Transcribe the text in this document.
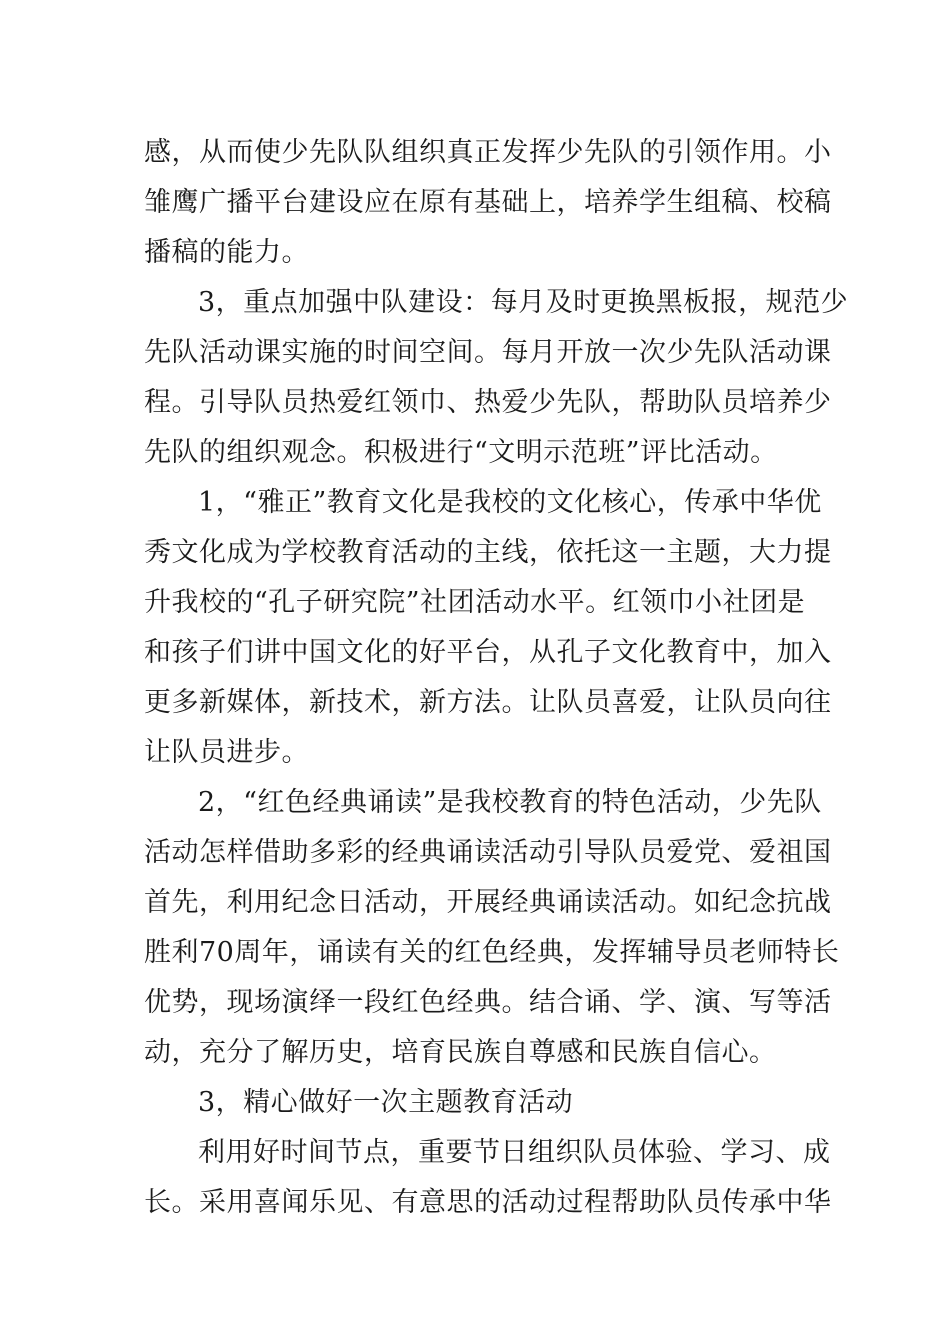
感，从而使少先队队组织真正发挥少先队的引领作用。小
雏鹰广播平台建设应在原有基础上，培养学生组稿、校稿
播稿的能力。
3，重点加强中队建设：每月及时更换黑板报，规范少
先队活动课实施的时间空间。每月开放一次少先队活动课
程。引导队员热爱红领巾、热爱少先队，帮助队员培养少
先队的组织观念。积极进行“文明示范班”评比活动。
1，“雅正”教育文化是我校的文化核心，传承中华优
秀文化成为学校教育活动的主线，依托这一主题，大力提
升我校的“孔子研究院”社团活动水平。红领巾小社团是
和孩子们讲中国文化的好平台，从孔子文化教育中，加入
更多新媒体，新技术，新方法。让队员喜爱，让队员向往
让队员进步。
2，“红色经典诵读”是我校教育的特色活动，少先队
活动怎样借助多彩的经典诵读活动引导队员爱党、爱祖国
首先，利用纪念日活动，开展经典诵读活动。如纪念抗战
胜利70周年，诵读有关的红色经典，发挥辅导员老师特长
优势，现场演绎一段红色经典。结合诵、学、演、写等活
动，充分了解历史，培育民族自尊感和民族自信心。
3，精心做好一次主题教育活动
利用好时间节点，重要节日组织队员体验、学习、成
长。采用喜闻乐见、有意思的活动过程帮助队员传承中华
